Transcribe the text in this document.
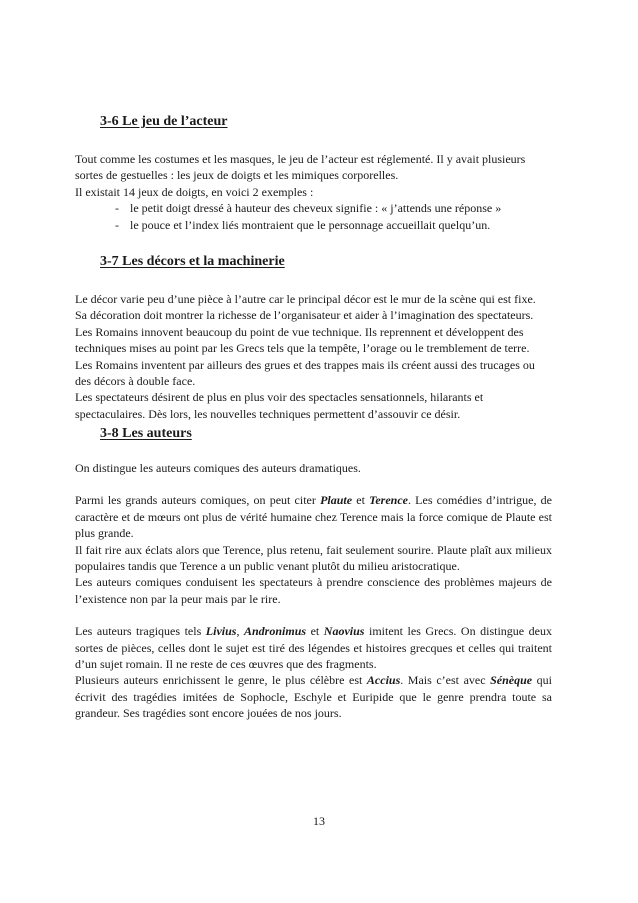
3-6 Le jeu de l’acteur

Tout comme les costumes et les masques, le jeu de l’acteur est réglementé. Il y avait plusieurs

sortes de gestuelles : les jeux de doigts et les mimiques corporelles.

Il existait 14 jeux de doigts, en voici 2 exemples :

- le petit doigt dressé à hauteur des cheveux signifie : « j’attends une réponse »
- le pouce et l’index liés montraient que le personnage accueillait quelqu’un.
3-7 Les décors et la machinerie

Le décor varie peu d’une pièce à l’autre car le principal décor est le mur de la scène qui est fixe.

Sa décoration doit montrer la richesse de l’organisateur et aider à l’imagination des spectateurs.

Les Romains innovent beaucoup du point de vue technique. Ils reprennent et développent des

techniques mises au point par les Grecs tels que la tempête, l’orage ou le tremblement de terre.

Les Romains inventent par ailleurs des grues et des trappes mais ils créent aussi des trucages ou

des décors à double face.

Les spectateurs désirent de plus en plus voir des spectacles sensationnels, hilarants et

spectaculaires. Dès lors, les nouvelles techniques permettent d’assouvir ce désir.

3-8 Les auteurs

On distingue les auteurs comiques des auteurs dramatiques.

Parmi les grands auteurs comiques, on peut citer Plaute et Terence. Les comédies d’intrigue, de caractère et de mœurs ont plus de vérité humaine chez Terence mais la force comique de Plaute est plus grande.

Il fait rire aux éclats alors que Terence, plus retenu, fait seulement sourire. Plaute plaît aux milieux populaires tandis que Terence a un public venant plutôt du milieu aristocratique.

Les auteurs comiques conduisent les spectateurs à prendre conscience des problèmes majeurs de l’existence non par la peur mais par le rire.

Les auteurs tragiques tels Livius, Andronimus et Naovius imitent les Grecs. On distingue deux sortes de pièces, celles dont le sujet est tiré des légendes et histoires grecques et celles qui traitent d’un sujet romain. Il ne reste de ces œuvres que des fragments.

Plusieurs auteurs enrichissent le genre, le plus célèbre est Accius. Mais c’est avec Sénèque qui écrivit des tragédies imitées de Sophocle, Eschyle et Euripide que le genre prendra toute sa grandeur. Ses tragédies sont encore jouées de nos jours.

13
